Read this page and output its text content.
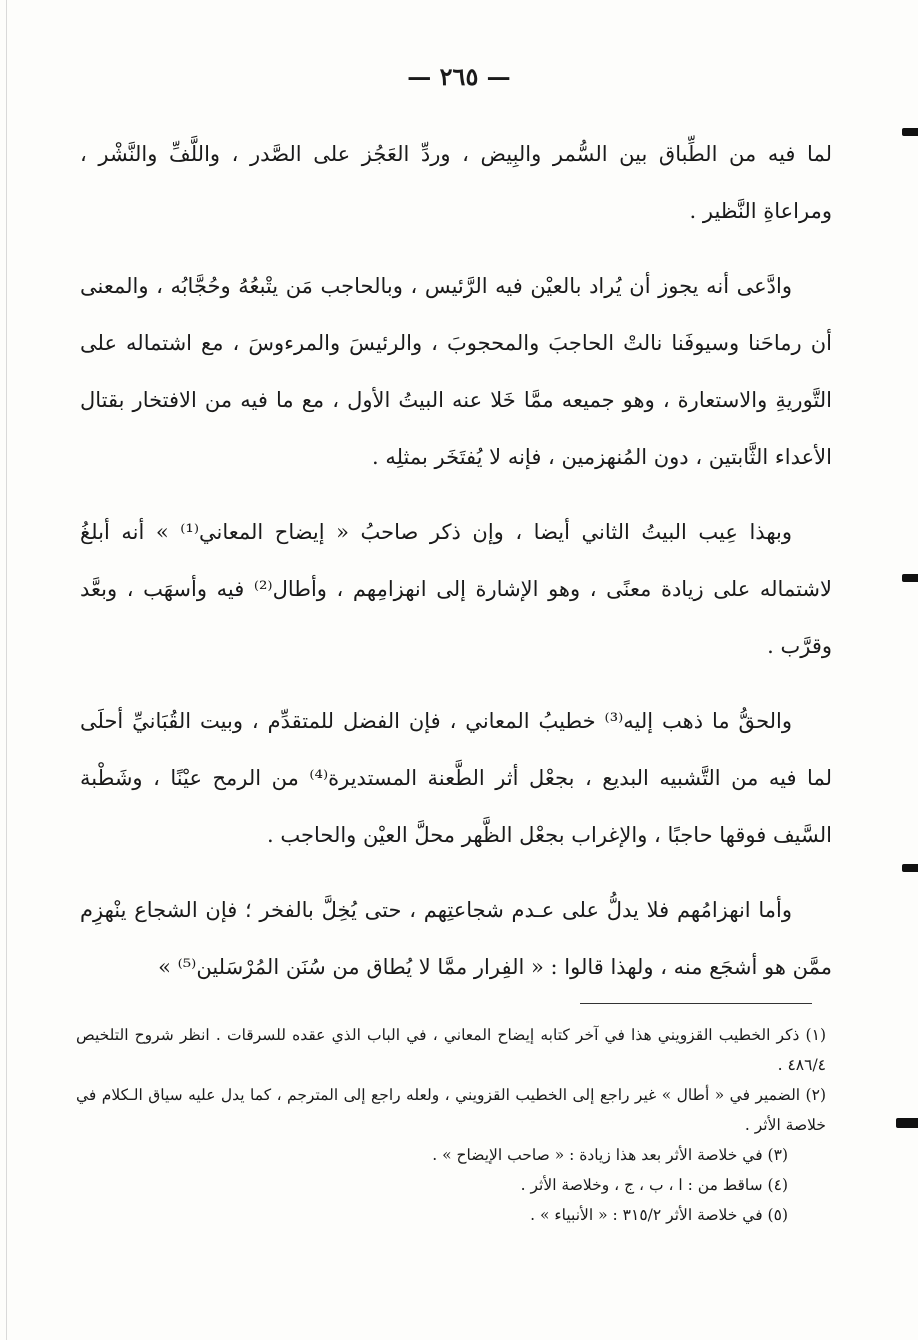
— ٢٦٥ —

لما فيه من الطِّباق بين السُّمر والبِيض ، وردِّ العَجُز على الصَّدر ، واللَّفِّ والنَّشْر ، ومراعاةِ النَّظير .

وادَّعى أنه يجوز أن يُراد بالعيْن فيه الرَّئيس ، وبالحاجب مَن يتْبعُهُ وحُجَّابُه ، والمعنى أن رماحَنا وسيوفَنا نالتْ الحاجبَ والمحجوبَ ، والرئيسَ والمرءوسَ ، مع اشتماله على التَّوريةِ والاستعارة ، وهو جميعه ممَّا خَلا عنه البيتُ الأول ، مع ما فيه من الافتخار بقتال الأعداء الثَّابتين ، دون المُنهزمين ، فإنه لا يُفتَخَر بمثلِه .

وبهذا عِيب البيتُ الثاني أيضا ، وإن ذكر صاحبُ « إيضاح المعاني⁽¹⁾ » أنه أبلغُ لاشتماله على زيادة معنًى ، وهو الإشارة إلى انهزامِهم ، وأطال⁽²⁾ فيه وأسهَب ، وبعَّد وقرَّب .

والحقُّ ما ذهب إليه⁽³⁾ خطيبُ المعاني ، فإن الفضل للمتقدِّم ، وبيت القُبَانيِّ أحلَى لما فيه من التَّشبيه البديع ، بجعْل أثر الطَّعنة المستديرة⁽⁴⁾ من الرمح عيْنًا ، وشَطْبة السَّيف فوقها حاجبًا ، والإغراب بجعْل الظَّهر محلَّ العيْن والحاجب .

وأما انهزامُهم فلا يدلُّ على عـدم شجاعتِهم ، حتى يُخِلَّ بالفخر ؛ فإن الشجاع ينْهزِم ممَّن هو أشجَع منه ، ولهذا قالوا : « الفِرار ممَّا لا يُطاق من سُنَن المُرْسَلين⁽⁵⁾ »

(١) ذكر الخطيب القزويني هذا في آخر كتابه إيضاح المعاني ، في الباب الذي عقده للسرقات . انظر شروح التلخيص ٤٨٦/٤ .

(٢) الضمير في « أطال » غير راجع إلى الخطيب القزويني ، ولعله راجع إلى المترجم ، كما يدل عليه سياق الـكلام في خلاصة الأثر .

(٣) في خلاصة الأثر بعد هذا زيادة : « صاحب الإيضاح » .

(٤) ساقط من : ا ، ب ، ج ، وخلاصة الأثر .

(٥) في خلاصة الأثر ٣١٥/٢ : « الأنبياء » .
